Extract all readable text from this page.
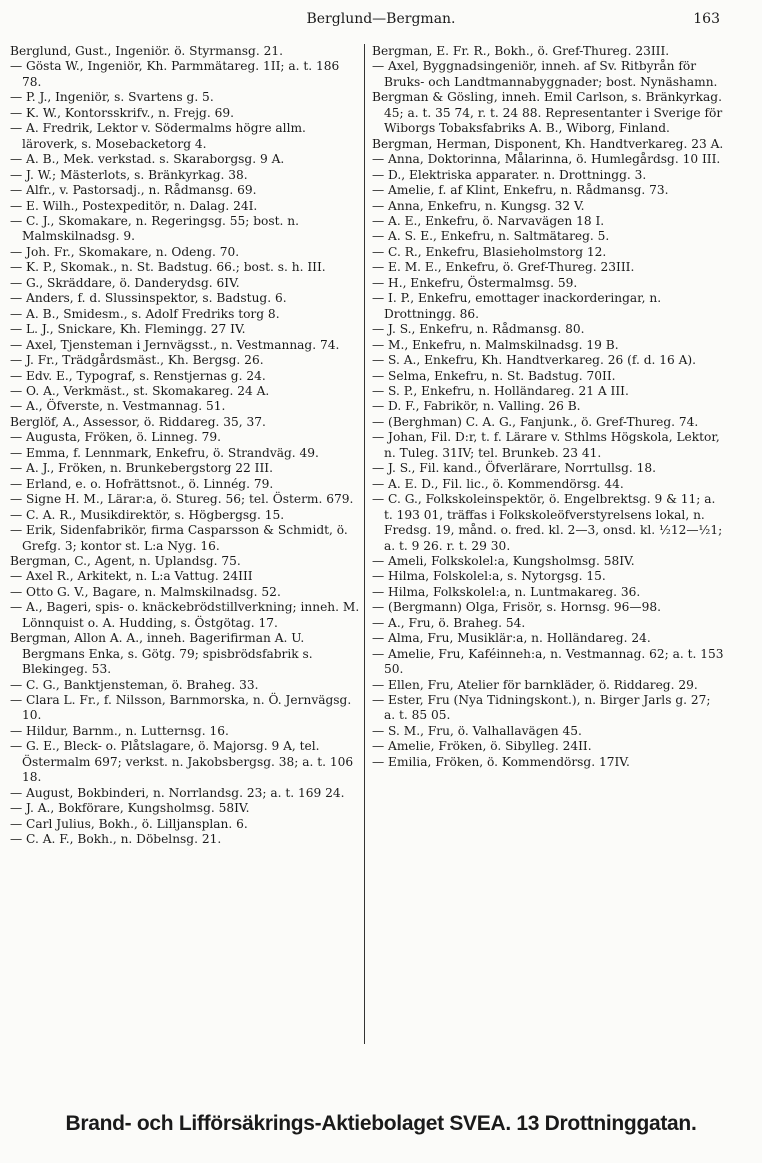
Berglund—Bergman.	163

Berglund, Gust., Ingeniör. ö. Styrmansg. 21.

— Gösta W., Ingeniör, Kh. Parmmätareg. 1II; a. t. 186 78.

— P. J., Ingeniör, s. Svartens g. 5.

— K. W., Kontorsskrifv., n. Frejg. 69.

— A. Fredrik, Lektor v. Södermalms högre allm. läroverk, s. Mosebacketorg 4.

— A. B., Mek. verkstad. s. Skaraborgsg. 9 A.

— J. W.; Mästerlots, s. Bränkyrkag. 38.

— Alfr., v. Pastorsadj., n. Rådmansg. 69.

— E. Wilh., Postexpeditör, n. Dalag. 24I.

— C. J., Skomakare, n. Regeringsg. 55; bost. n. Malmskilnadsg. 9.

— Joh. Fr., Skomakare, n. Odeng. 70.

— K. P., Skomak., n. St. Badstug. 66.; bost. s. h. III.

— G., Skräddare, ö. Danderydsg. 6IV.

— Anders, f. d. Slussinspektor, s. Badstug. 6.

— A. B., Smidesm., s. Adolf Fredriks torg 8.

— L. J., Snickare, Kh. Flemingg. 27 IV.

— Axel, Tjensteman i Jernvägsst., n. Vestmannag. 74.

— J. Fr., Trädgårdsmäst., Kh. Bergsg. 26.

— Edv. E., Typograf, s. Renstjernas g. 24.

— O. A., Verkmäst., st. Skomakareg. 24 A.

— A., Öfverste, n. Vestmannag. 51.

Berglöf, A., Assessor, ö. Riddareg. 35, 37.

— Augusta, Fröken, ö. Linneg. 79.

— Emma, f. Lennmark, Enkefru, ö. Strandväg. 49.

— A. J., Fröken, n. Brunkebergstorg 22 III.

— Erland, e. o. Hofrättsnot., ö. Linnég. 79.

— Signe H. M., Lärar:a, ö. Stureg. 56; tel. Österm. 679.

— C. A. R., Musikdirektör, s. Högbergsg. 15.

— Erik, Sidenfabrikör, firma Casparsson & Schmidt, ö. Grefg. 3; kontor st. L:a Nyg. 16.

Bergman, C., Agent, n. Uplandsg. 75.

— Axel R., Arkitekt, n. L:a Vattug. 24III

— Otto G. V., Bagare, n. Malmskilnadsg. 52.

— A., Bageri, spis- o. knäckebrödstillverkning; inneh. M. Lönnquist o. A. Hudding, s. Östgötag. 17.

Bergman, Allon A. A., inneh. Bagerifirman A. U. Bergmans Enka, s. Götg. 79; spisbrödsfabrik s. Blekingeg. 53.

— C. G., Banktjensteman, ö. Braheg. 33.

— Clara L. Fr., f. Nilsson, Barnmorska, n. Ö. Jernvägsg. 10.

— Hildur, Barnm., n. Lutternsg. 16.

— G. E., Bleck- o. Plåtslagare, ö. Majorsg. 9 A, tel. Östermalm 697; verkst. n. Jakobsbergsg. 38; a. t. 106 18.

— August, Bokbinderi, n. Norrlandsg. 23; a. t. 169 24.

— J. A., Bokförare, Kungsholmsg. 58IV.

— Carl Julius, Bokh., ö. Lilljansplan. 6.

— C. A. F., Bokh., n. Döbelnsg. 21.

Bergman, E. Fr. R., Bokh., ö. Gref-Thureg. 23III.

— Axel, Byggnadsingeniör, inneh. af Sv. Ritbyrån för Bruks- och Landtmannabyggnader; bost. Nynäshamn.

Bergman & Gösling, inneh. Emil Carlson, s. Bränkyrkag. 45; a. t. 35 74, r. t. 24 88. Representanter i Sverige för Wiborgs Tobaksfabriks A. B., Wiborg, Finland.

Bergman, Herman, Disponent, Kh. Handtverkareg. 23 A.

— Anna, Doktorinna, Målarinna, ö. Humlegårdsg. 10 III.

— D., Elektriska apparater. n. Drottningg. 3.

— Amelie, f. af Klint, Enkefru, n. Rådmansg. 73.

— Anna, Enkefru, n. Kungsg. 32 V.

— A. E., Enkefru, ö. Narvavägen 18 I.

— A. S. E., Enkefru, n. Saltmätareg. 5.

— C. R., Enkefru, Blasieholmstorg 12.

— E. M. E., Enkefru, ö. Gref-Thureg. 23III.

— H., Enkefru, Östermalmsg. 59.

— I. P., Enkefru, emottager inackorderingar, n. Drottningg. 86.

— J. S., Enkefru, n. Rådmansg. 80.

— M., Enkefru, n. Malmskilnadsg. 19 B.

— S. A., Enkefru, Kh. Handtverkareg. 26 (f. d. 16 A).

— Selma, Enkefru, n. St. Badstug. 70II.

— S. P., Enkefru, n. Holländareg. 21 A III.

— D. F., Fabrikör, n. Valling. 26 B.

— (Berghman) C. A. G., Fanjunk., ö. Gref-Thureg. 74.

— Johan, Fil. D:r, t. f. Lärare v. Sthlms Högskola, Lektor, n. Tuleg. 31IV; tel. Brunkeb. 23 41.

— J. S., Fil. kand., Öfverlärare, Norrtullsg. 18.

— A. E. D., Fil. lic., ö. Kommendörsg. 44.

— C. G., Folkskoleinspektör, ö. Engelbrektsg. 9 & 11; a. t. 193 01, träffas i Folkskoleöfverstyrelsens lokal, n. Fredsg. 19, månd. o. fred. kl. 2—3, onsd. kl. ½12—½1; a. t. 9 26. r. t. 29 30.

— Ameli, Folkskolel:a, Kungsholmsg. 58IV.

— Hilma, Folskolel:a, s. Nytorgsg. 15.

— Hilma, Folkskolel:a, n. Luntmakareg. 36.

— (Bergmann) Olga, Frisör, s. Hornsg. 96—98.

— A., Fru, ö. Braheg. 54.

— Alma, Fru, Musiklär:a, n. Holländareg. 24.

— Amelie, Fru, Kaféinneh:a, n. Vestmannag. 62; a. t. 153 50.

— Ellen, Fru, Atelier för barnkläder, ö. Riddareg. 29.

— Ester, Fru (Nya Tidningskont.), n. Birger Jarls g. 27; a. t. 85 05.

— S. M., Fru, ö. Valhallavägen 45.

— Amelie, Fröken, ö. Sibylleg. 24II.

— Emilia, Fröken, ö. Kommendörsg. 17IV.

Brand- och Lifförsäkrings-Aktiebolaget SVEA. 13 Drottninggatan.
